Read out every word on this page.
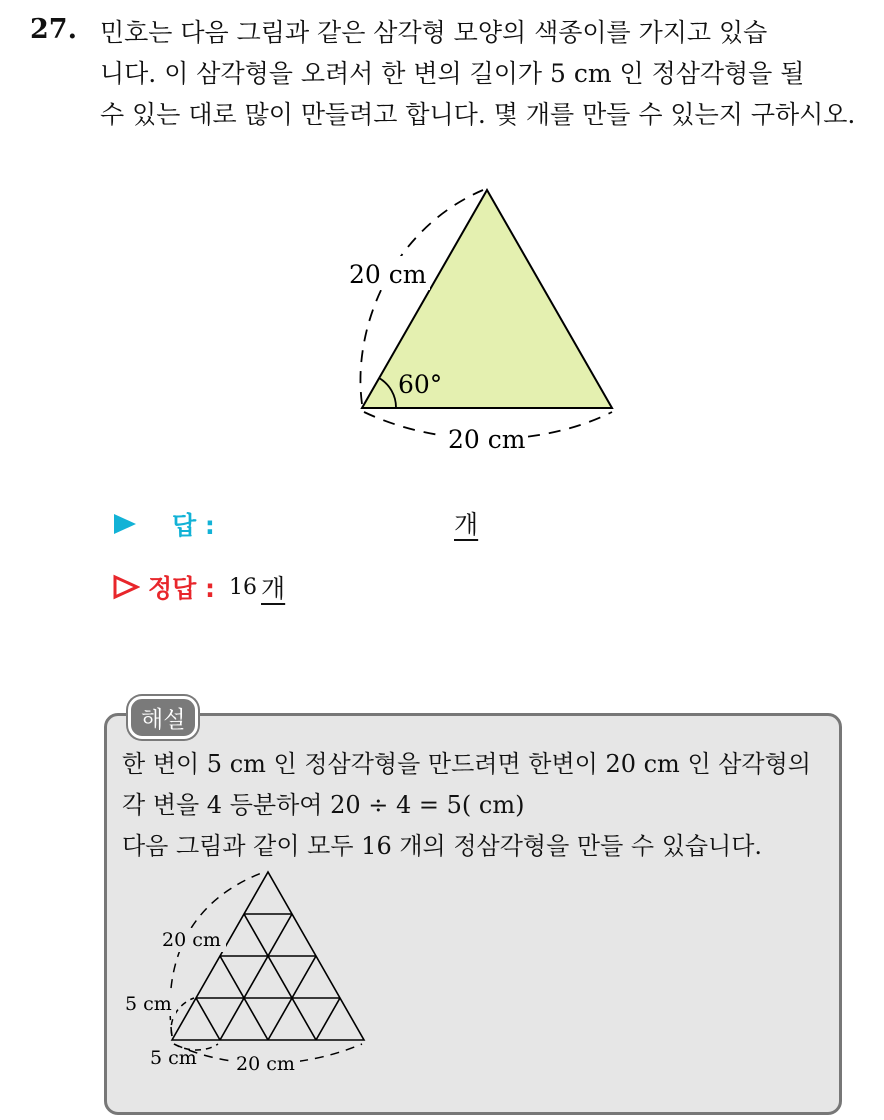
27. 민호는 다음 그림과 같은 삼각형 모양의 색종이를 가지고 있습
니다. 이 삼각형을 오려서 한 변의 길이가 5 cm 인 정삼각형을 될
수 있는 대로 많이 만들려고 합니다. 몇 개를 만들 수 있는지 구하시오.
20 cm
60°
20 cm
답 :	개
정답 : 16 개
해설
한 변이 5 cm 인 정삼각형을 만드려면 한변이 20 cm 인 삼각형의
각 변을 4 등분하여 20 ÷ 4 = 5( cm)
다음 그림과 같이 모두 16 개의 정삼각형을 만들 수 있습니다.
20 cm
5 cm
5 cm 20 cm
